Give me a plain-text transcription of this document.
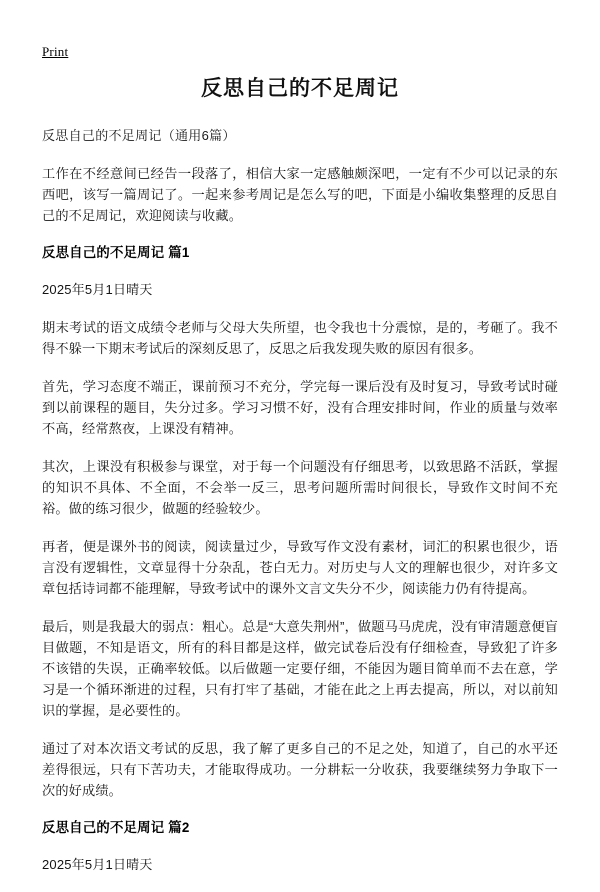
Print
反思自己的不足周记
反思自己的不足周记（通用6篇）

工作在不经意间已经告一段落了，相信大家一定感触颇深吧，一定有不少可以记录的东西吧，该写一篇周记了。一起来参考周记是怎么写的吧，下面是小编收集整理的反思自己的不足周记，欢迎阅读与收藏。

反思自己的不足周记 篇1

2025年5月1日晴天

期末考试的语文成绩令老师与父母大失所望，也令我也十分震惊，是的，考砸了。我不得不躲一下期末考试后的深刻反思了，反思之后我发现失败的原因有很多。

首先，学习态度不端正，课前预习不充分，学完每一课后没有及时复习，导致考试时碰到以前课程的题目，失分过多。学习习惯不好，没有合理安排时间，作业的质量与效率不高，经常熬夜，上课没有精神。

其次，上课没有积极参与课堂，对于每一个问题没有仔细思考，以致思路不活跃，掌握的知识不具体、不全面，不会举一反三，思考问题所需时间很长，导致作文时间不充裕。做的练习很少，做题的经验较少。

再者，便是课外书的阅读，阅读量过少，导致写作文没有素材，词汇的积累也很少，语言没有逻辑性，文章显得十分杂乱，苍白无力。对历史与人文的理解也很少，对许多文章包括诗词都不能理解，导致考试中的课外文言文失分不少，阅读能力仍有待提高。

最后，则是我最大的弱点：粗心。总是“大意失荆州”，做题马马虎虎，没有审清题意便盲目做题，不知是语文，所有的科目都是这样，做完试卷后没有仔细检查，导致犯了许多不该错的失误，正确率较低。以后做题一定要仔细，不能因为题目简单而不去在意，学习是一个循环渐进的过程，只有打牢了基础，才能在此之上再去提高，所以，对以前知识的掌握，是必要性的。

通过了对本次语文考试的反思，我了解了更多自己的不足之处，知道了，自己的水平还差得很远，只有下苦功夫，才能取得成功。一分耕耘一分收获，我要继续努力争取下一次的好成绩。

反思自己的不足周记 篇2

2025年5月1日晴天
